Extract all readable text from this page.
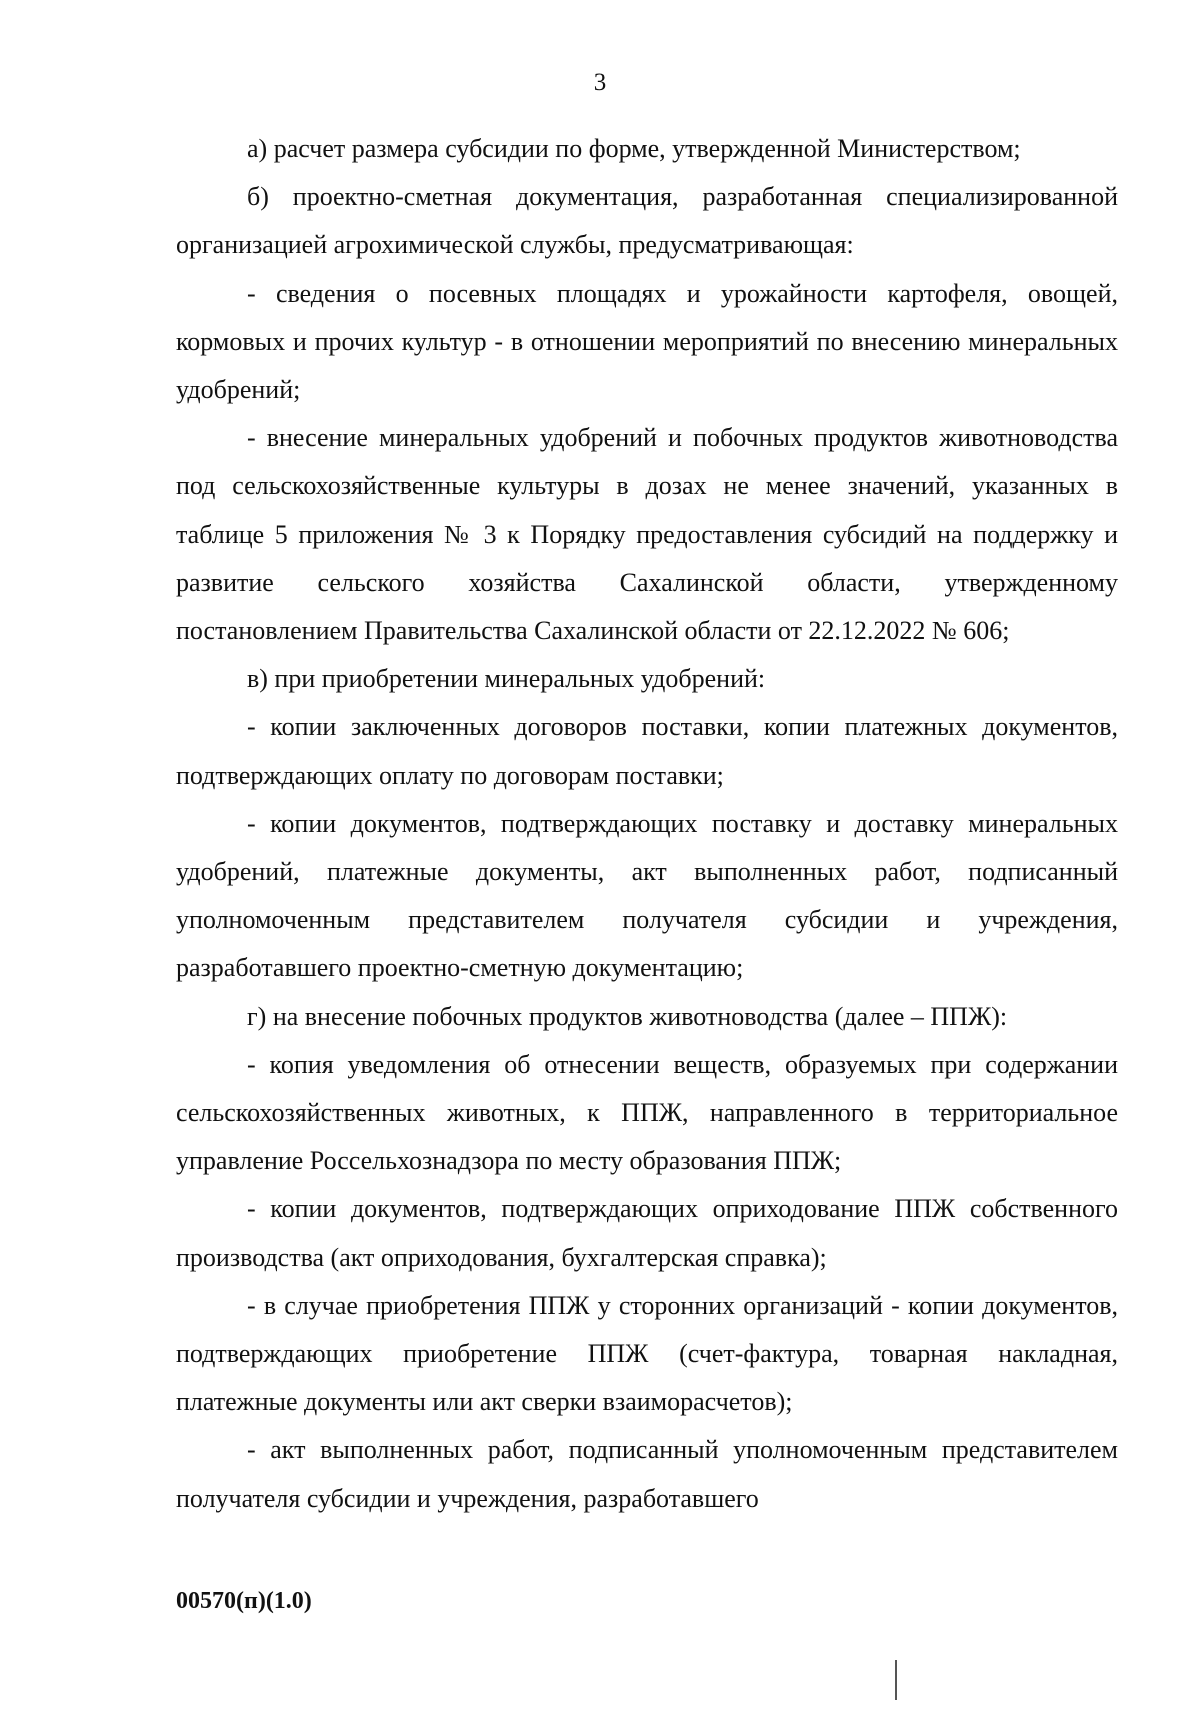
3

а) расчет размера субсидии по форме, утвержденной Министерством;

б) проектно-сметная документация, разработанная специализированной организацией агрохимической службы, предусматривающая:

- сведения о посевных площадях и урожайности картофеля, овощей, кормовых и прочих культур - в отношении мероприятий по внесению минеральных удобрений;

- внесение минеральных удобрений и побочных продуктов животноводства под сельскохозяйственные культуры в дозах не менее значений, указанных в таблице 5 приложения № 3 к Порядку предоставления субсидий на поддержку и развитие сельского хозяйства Сахалинской области, утвержденному постановлением Правительства Сахалинской области от 22.12.2022 № 606;

в) при приобретении минеральных удобрений:

- копии заключенных договоров поставки, копии платежных документов, подтверждающих оплату по договорам поставки;

- копии документов, подтверждающих поставку и доставку минеральных удобрений, платежные документы, акт выполненных работ, подписанный уполномоченным представителем получателя субсидии и учреждения, разработавшего проектно-сметную документацию;

г) на внесение побочных продуктов животноводства (далее – ППЖ):

- копия уведомления об отнесении веществ, образуемых при содержании сельскохозяйственных животных, к ППЖ, направленного в территориальное управление Россельхознадзора по месту образования ППЖ;

- копии документов, подтверждающих оприходование ППЖ собственного производства (акт оприходования, бухгалтерская справка);

- в случае приобретения ППЖ у сторонних организаций - копии документов, подтверждающих приобретение ППЖ (счет-фактура, товарная накладная, платежные документы или акт сверки взаиморасчетов);

- акт выполненных работ, подписанный уполномоченным представителем получателя субсидии и учреждения, разработавшего

00570(п)(1.0)
